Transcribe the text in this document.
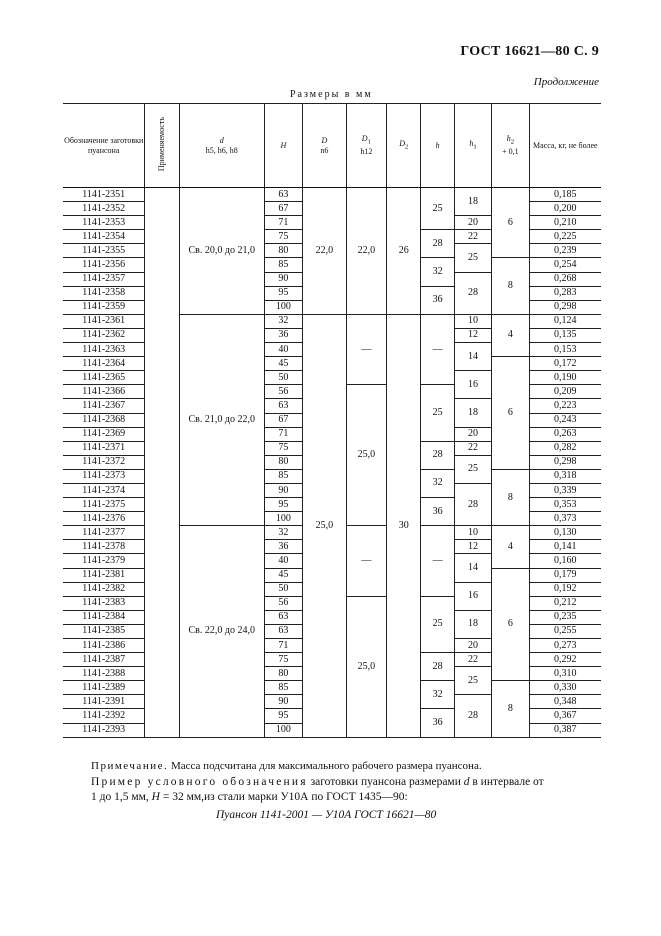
ГОСТ 16621—80 С. 9
Продолжение
Размеры в мм
Обозначение заготовки пуансона	Применяемость	d
h5, h6, h8	H	D
n6	$D_1$
h12	$D_2$	h	$h_1$	$h_2$
+ 0,1	Масса, кг, не более
1141-2351		Св. 20,0 до 21,0	63	22,0	22,0	26	25	18	6	0,185
1141-2352			67							0,200
1141-2353			71					20		0,210
1141-2354			75				28	22		0,225
1141-2355			80					25		0,239
1141-2356			85				32		8	0,254
1141-2357			90					28		0,268
1141-2358			95				36			0,283
1141-2359			100							0,298
1141-2361		Св. 21,0 до 22,0	32	25,0	—	30	—	10	4	0,124
1141-2362			36					12		0,135
1141-2363			40					14		0,153
1141-2364			45						6	0,172
1141-2365			50					16		0,190
1141-2366			56		25,0		25			0,209
1141-2367			63					18		0,223
1141-2368			67							0,243
1141-2369			71					20		0,263
1141-2371			75				28	22		0,282
1141-2372			80					25		0,298
1141-2373			85				32		8	0,318
1141-2374			90					28		0,339
1141-2375			95				36			0,353
1141-2376			100							0,373
1141-2377		Св. 22,0 до 24,0	32		—		—	10	4	0,130
1141-2378			36					12		0,141
1141-2379			40					14		0,160
1141-2381			45						6	0,179
1141-2382			50					16		0,192
1141-2383			56		25,0		25			0,212
1141-2384			63					18		0,235
1141-2385			63							0,255
1141-2386			71					20		0,273
1141-2387			75				28	22		0,292
1141-2388			80					25		0,310
1141-2389			85				32		8	0,330
1141-2391			90					28		0,348
1141-2392			95				36			0,367
1141-2393			100							0,387
Примечание. Масса подсчитана для максимального рабочего размера пуансона.
Пример условного обозначения заготовки пуансона размерами d в интервале от
1 до 1,5 мм, H = 32 мм,из стали марки У10А по ГОСТ 1435—90:
Пуансон 1141-2001 — У10А ГОСТ 16621—80
